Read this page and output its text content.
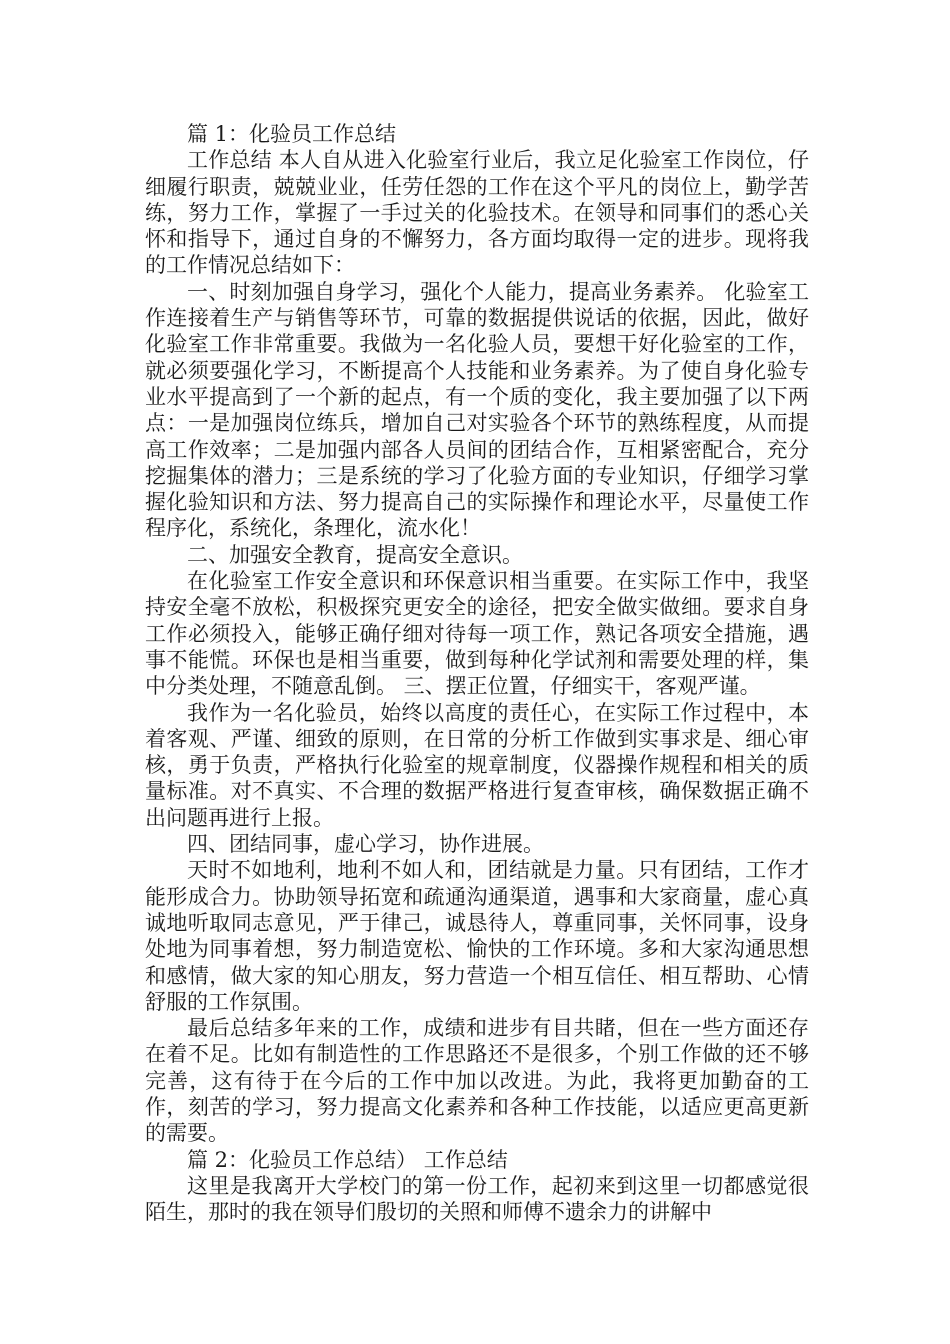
篇 1：化验员工作总结

工作总结 本人自从进入化验室行业后，我立足化验室工作岗位，仔细履行职责，兢兢业业，任劳任怨的工作在这个平凡的岗位上，勤学苦练，努力工作，掌握了一手过关的化验技术。在领导和同事们的悉心关怀和指导下，通过自身的不懈努力，各方面均取得一定的进步。现将我的工作情况总结如下：

一、时刻加强自身学习，强化个人能力，提高业务素养。 化验室工作连接着生产与销售等环节，可靠的数据提供说话的依据，因此，做好化验室工作非常重要。我做为一名化验人员，要想干好化验室的工作，就必须要强化学习，不断提高个人技能和业务素养。为了使自身化验专业水平提高到了一个新的起点，有一个质的变化，我主要加强了以下两点：一是加强岗位练兵，增加自己对实验各个环节的熟练程度，从而提高工作效率；二是加强内部各人员间的团结合作，互相紧密配合，充分挖掘集体的潜力；三是系统的学习了化验方面的专业知识，仔细学习掌握化验知识和方法、努力提高自己的实际操作和理论水平，尽量使工作程序化，系统化，条理化，流水化！

二、加强安全教育，提高安全意识。

在化验室工作安全意识和环保意识相当重要。在实际工作中，我坚持安全毫不放松，积极探究更安全的途径，把安全做实做细。要求自身工作必须投入，能够正确仔细对待每一项工作，熟记各项安全措施，遇事不能慌。环保也是相当重要，做到每种化学试剂和需要处理的样，集中分类处理，不随意乱倒。 三、摆正位置，仔细实干，客观严谨。

我作为一名化验员，始终以高度的责任心，在实际工作过程中，本着客观、严谨、细致的原则，在日常的分析工作做到实事求是、细心审核，勇于负责，严格执行化验室的规章制度，仪器操作规程和相关的质量标准。对不真实、不合理的数据严格进行复查审核，确保数据正确不出问题再进行上报。

四、团结同事，虚心学习，协作进展。

天时不如地利，地利不如人和，团结就是力量。只有团结，工作才能形成合力。协助领导拓宽和疏通沟通渠道，遇事和大家商量，虚心真诚地听取同志意见，严于律己，诚恳待人，尊重同事，关怀同事，设身处地为同事着想，努力制造宽松、愉快的工作环境。多和大家沟通思想和感情，做大家的知心朋友，努力营造一个相互信任、相互帮助、心情舒服的工作氛围。

最后总结多年来的工作，成绩和进步有目共睹，但在一些方面还存在着不足。比如有制造性的工作思路还不是很多，个别工作做的还不够完善，这有待于在今后的工作中加以改进。为此，我将更加勤奋的工作，刻苦的学习，努力提高文化素养和各种工作技能，以适应更高更新的需要。

篇 2：化验员工作总结） 工作总结

这里是我离开大学校门的第一份工作，起初来到这里一切都感觉很陌生，那时的我在领导们殷切的关照和师傅不遗余力的讲解中
